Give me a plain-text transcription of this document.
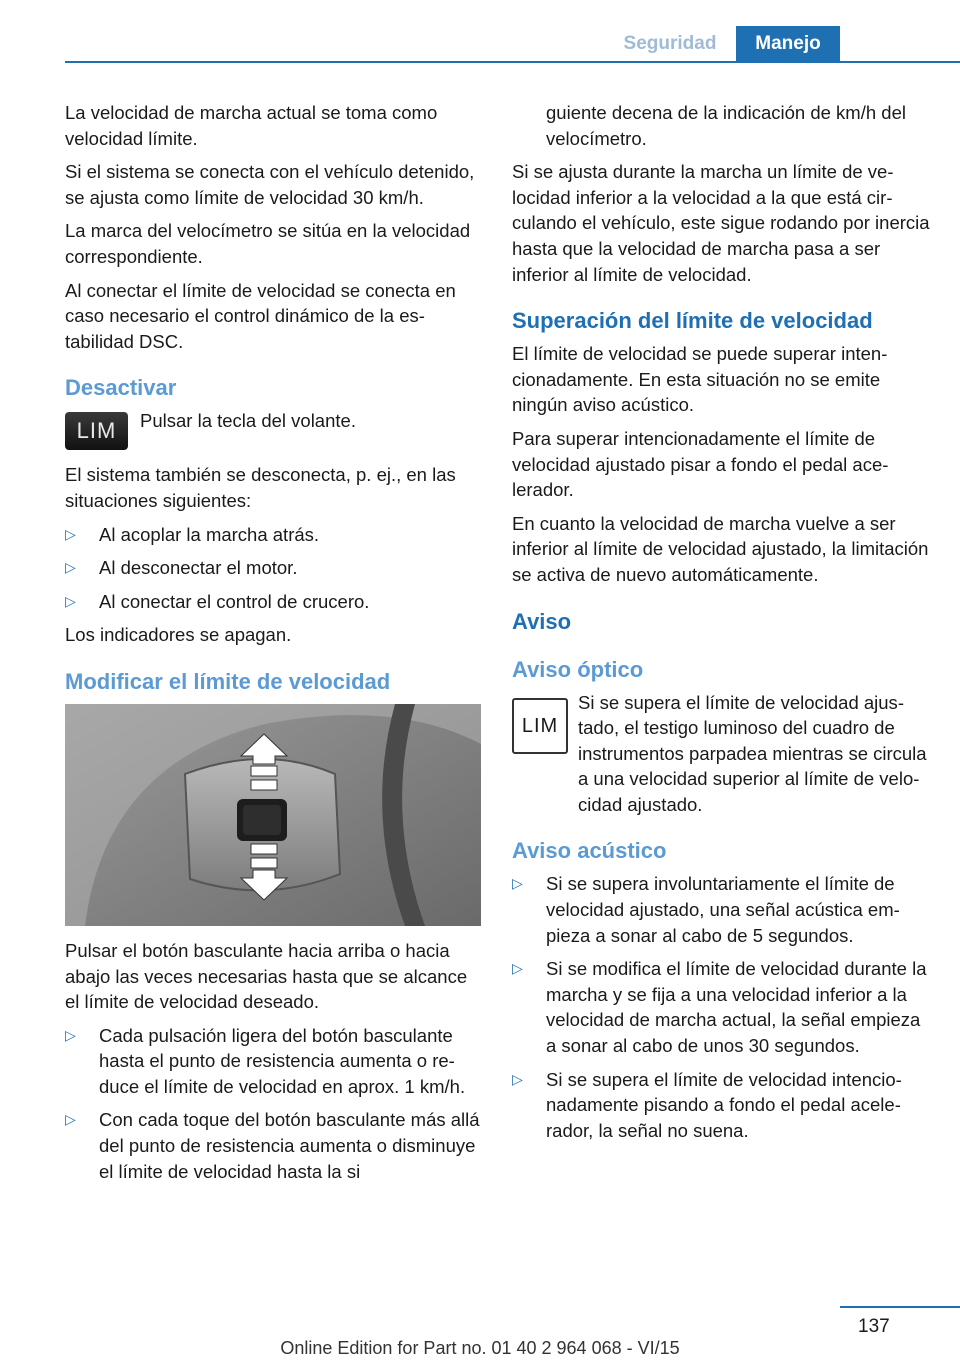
Seguridad	Manejo

La velocidad de marcha actual se toma como velocidad límite.

Si el sistema se conecta con el vehículo detenido, se ajusta como límite de velocidad 30 km/h.

La marca del velocímetro se sitúa en la velocidad correspondiente.

Al conectar el límite de velocidad se conecta en caso necesario el control dinámico de la estabilidad DSC.

Desactivar
LIM	Pulsar la tecla del volante.

El sistema también se desconecta, p. ej., en las situaciones siguientes:

▷ Al acoplar la marcha atrás.
▷ Al desconectar el motor.
▷ Al conectar el control de crucero.

Los indicadores se apagan.

Modificar el límite de velocidad

Pulsar el botón basculante hacia arriba o hacia abajo las veces necesarias hasta que se alcance el límite de velocidad deseado.

▷ Cada pulsación ligera del botón basculante hasta el punto de resistencia aumenta o reduce el límite de velocidad en aprox. 1 km/h.
▷ Con cada toque del botón basculante más allá del punto de resistencia aumenta o disminuye el límite de velocidad hasta la si

guiente decena de la indicación de km/h del velocímetro.

Si se ajusta durante la marcha un límite de velocidad inferior a la velocidad a la que está circulando el vehículo, este sigue rodando por inercia hasta que la velocidad de marcha pasa a ser inferior al límite de velocidad.

Superación del límite de velocidad

El límite de velocidad se puede superar intencionadamente. En esta situación no se emite ningún aviso acústico.

Para superar intencionadamente el límite de velocidad ajustado pisar a fondo el pedal acelerador.

En cuanto la velocidad de marcha vuelve a ser inferior al límite de velocidad ajustado, la limitación se activa de nuevo automáticamente.

Aviso
Aviso óptico
LIM
Si se supera el límite de velocidad ajustado, el testigo luminoso del cuadro de instrumentos parpadea mientras se circula a una velocidad superior al límite de velocidad ajustado.
Aviso acústico
▷ Si se supera involuntariamente el límite de velocidad ajustado, una señal acústica empieza a sonar al cabo de 5 segundos.
▷ Si se modifica el límite de velocidad durante la marcha y se fija a una velocidad inferior a la velocidad de marcha actual, la señal empieza a sonar al cabo de unos 30 segundos.
▷ Si se supera el límite de velocidad intencionadamente pisando a fondo el pedal acelerador, la señal no suena.
137
Online Edition for Part no. 01 40 2 964 068 - VI/15
